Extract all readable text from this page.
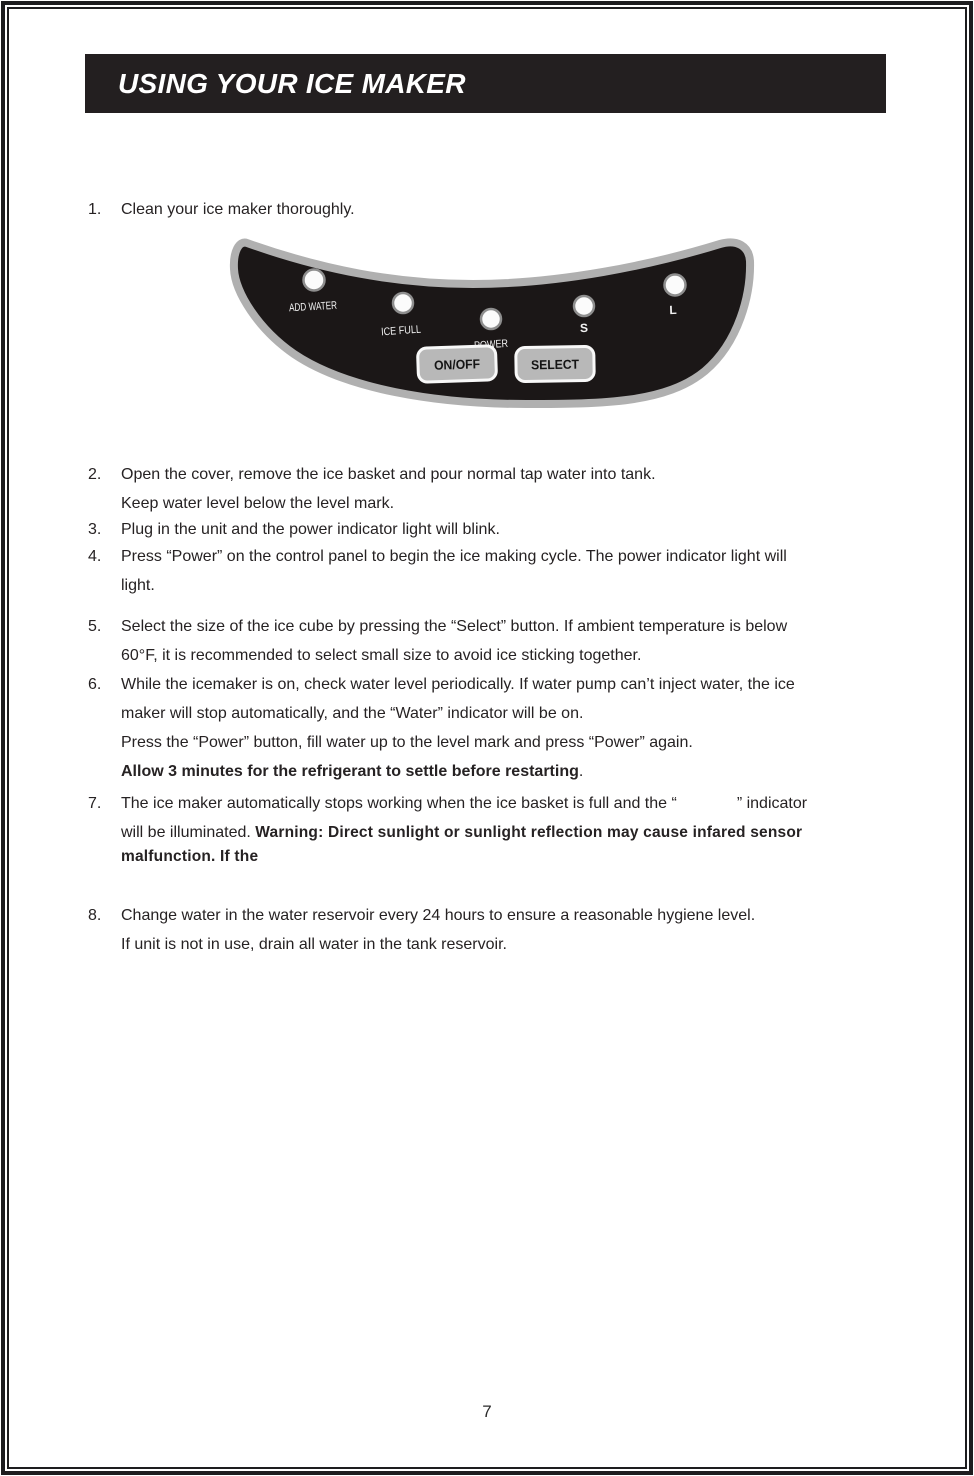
USING YOUR ICE MAKER
1. Clean your ice maker thoroughly.
ADD WATER
ICE FULL
POWER
S
L
ON/OFF	SELECT
2. Open the cover, remove the ice basket and pour normal tap water into tank.
Keep water level below the level mark.
3. Plug in the unit and the power indicator light will blink.
4. Press “Power” on the control panel to begin the ice making cycle. The power indicator light will
light.
5. Select the size of the ice cube by pressing the “Select” button. If ambient temperature is below
60°F, it is recommended to select small size to avoid ice sticking together.
6. While the icemaker is on, check water level periodically. If water pump can’t inject water, the ice
maker will stop automatically, and the “Water” indicator will be on.
Press the “Power” button, fill water up to the level mark and press “Power” again.
Allow 3 minutes for the refrigerant to settle before restarting.
7. The ice maker automatically stops working when the ice basket is full and the “	” indicator
will be illuminated. Warning: Direct sunlight or sunlight reflection may cause infared sensor
malfunction. If the
8. Change water in the water reservoir every 24 hours to ensure a reasonable hygiene level.
If unit is not in use, drain all water in the tank reservoir.
7
